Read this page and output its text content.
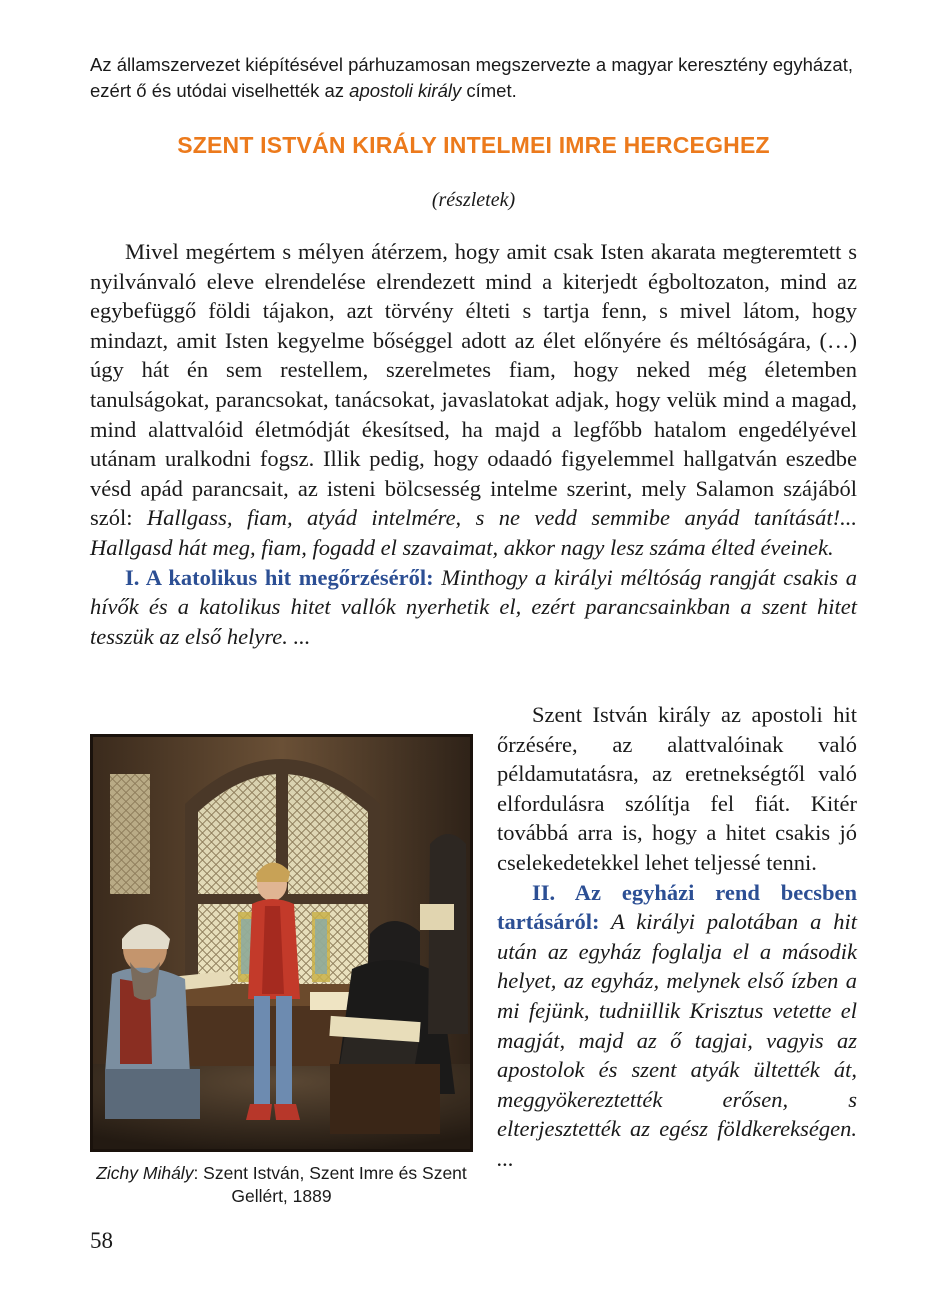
Az államszervezet kiépítésével párhuzamosan megszervezte a magyar keresztény egyházat, ezért ő és utódai viselhették az apostoli király címet.

SZENT ISTVÁN KIRÁLY INTELMEI IMRE HERCEGHEZ

(részletek)

Mivel megértem s mélyen átérzem, hogy amit csak Isten akarata megteremtett s nyilvánvaló eleve elrendelése elrendezett mind a kiterjedt égboltozaton, mind az egybefüggő földi tájakon, azt törvény élteti s tartja fenn, s mivel látom, hogy mindazt, amit Isten kegyelme bőséggel adott az élet előnyére és méltóságára, (…) úgy hát én sem restellem, szerelmetes fiam, hogy neked még életemben tanulságokat, parancsokat, tanácsokat, javaslatokat adjak, hogy velük mind a magad, mind alattvalóid életmódját ékesítsed, ha majd a legfőbb hatalom engedélyével utánam uralkodni fogsz. Illik pedig, hogy odaadó figyelemmel hallgatván eszedbe vésd apád parancsait, az isteni bölcsesség intelme szerint, mely Salamon szájából szól: Hallgass, fiam, atyád intelmére, s ne vedd semmibe anyád tanítását!... Hallgasd hát meg, fiam, fogadd el szavaimat, akkor nagy lesz száma élted éveinek.

I. A katolikus hit megőrzéséről: Minthogy a királyi méltóság rangját csakis a hívők és a katolikus hitet vallók nyerhetik el, ezért parancsainkban a szent hitet tesszük az első helyre. ...

Zichy Mihály: Szent István, Szent Imre és Szent Gellért, 1889

Szent István király az apostoli hit őrzésére, az alattvalóinak való példamutatásra, az eretnekségtől való elfordulásra szólítja fel fiát. Kitér továbbá arra is, hogy a hitet csakis jó cselekedetekkel lehet teljessé tenni.

II. Az egyházi rend becsben tartásáról: A királyi palotában a hit után az egyház foglalja el a második helyet, az egyház, melynek első ízben a mi fejünk, tudniillik Krisztus vetette el magját, majd az ő tagjai, vagyis az apostolok és szent atyák ültették át, meggyökereztették erősen, s elterjesztették az egész földkerekségen. ...

58
